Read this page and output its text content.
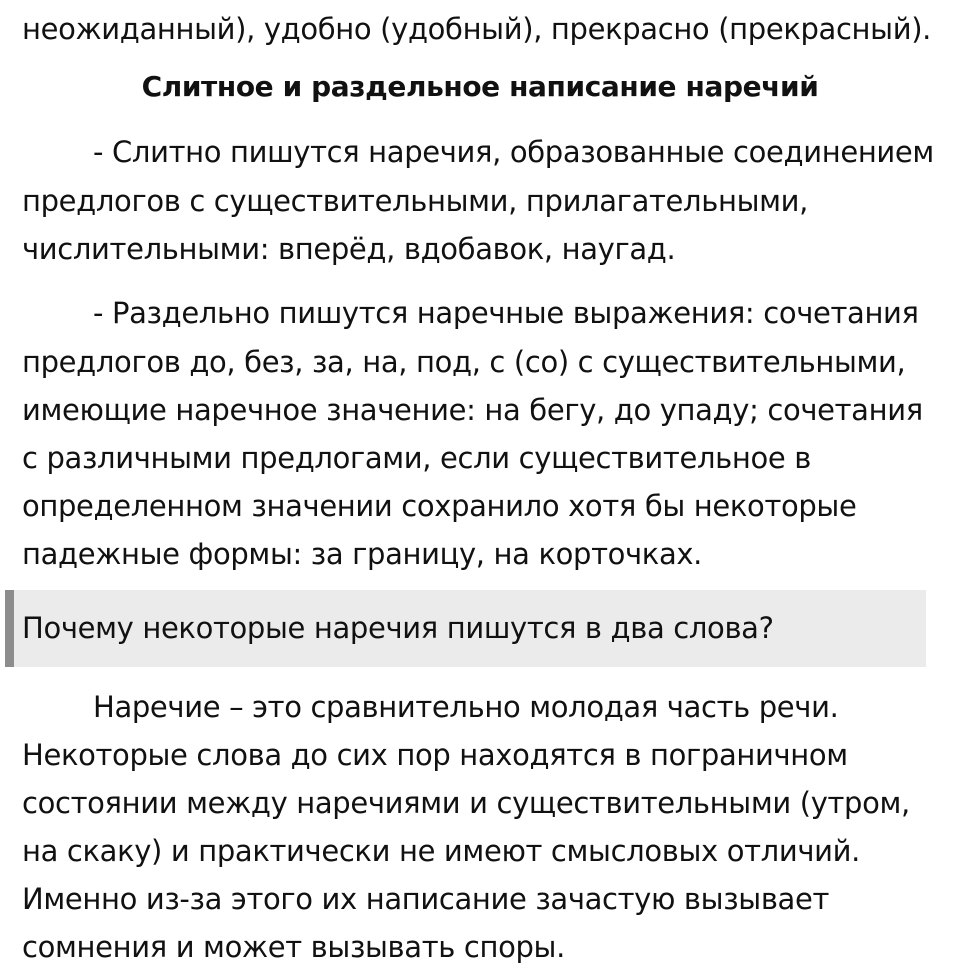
неожиданный), удобно (удобный), прекрасно (прекрасный).
Слитное и раздельное написание наречий
- Слитно пишутся наречия, образованные соединением
предлогов с существительными, прилагательными,
числительными: вперёд, вдобавок, наугад.
- Раздельно пишутся наречные выражения: сочетания
предлогов до, без, за, на, под, с (со) с существительными,
имеющие наречное значение: на бегу, до упаду; сочетания
с различными предлогами, если существительное в
определенном значении сохранило хотя бы некоторые
падежные формы: за границу, на корточках.
Почему некоторые наречия пишутся в два слова?
Наречие – это сравнительно молодая часть речи.
Некоторые слова до сих пор находятся в пограничном
состоянии между наречиями и существительными (утром,
на скаку) и практически не имеют смысловых отличий.
Именно из-за этого их написание зачастую вызывает
сомнения и может вызывать споры.
